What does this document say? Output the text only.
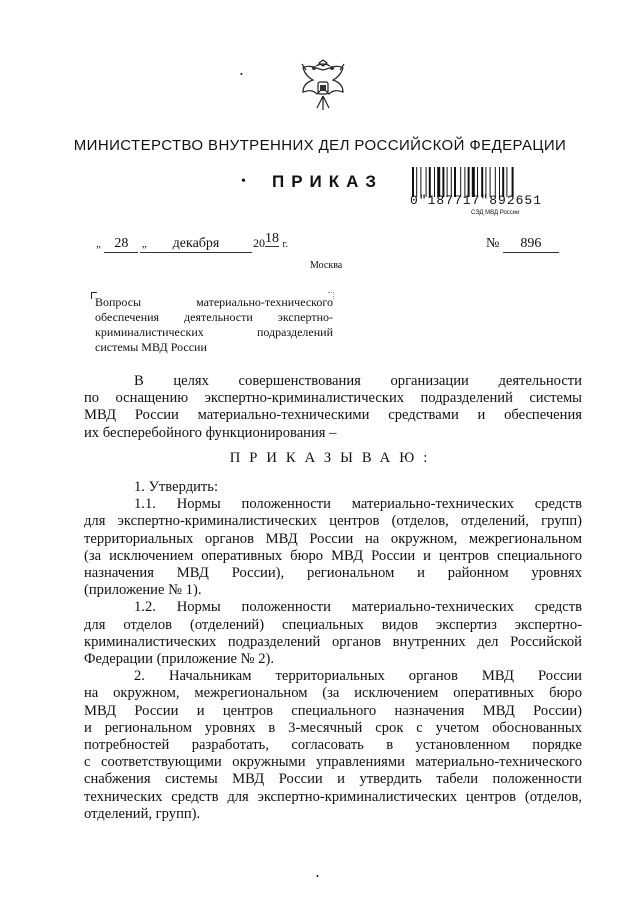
•
МИНИСТЕРСТВО ВНУТРЕННИХ ДЕЛ РОССИЙСКОЙ ФЕДЕРАЦИИ
• ПРИКАЗ
0"187717"892651
СЭД МВД России
„ 28 „	декабря	2018 г.	№ 896
Москва
Вопросы материально-технического
обеспечения деятельности экспертно-
криминалистических подразделений
системы МВД России
В целях совершенствования организации деятельности
по оснащению экспертно-криминалистических подразделений системы
МВД России материально-техническими средствами и обеспечения
их бесперебойного функционирования –
ПРИКАЗЫВАЮ:
1. Утвердить:
1.1. Нормы положенности материально-технических средств
для экспертно-криминалистических центров (отделов, отделений, групп)
территориальных органов МВД России на окружном, межрегиональном
(за исключением оперативных бюро МВД России и центров специального
назначения МВД России), региональном и районном уровнях
(приложение № 1).
1.2. Нормы положенности материально-технических средств
для отделов (отделений) специальных видов экспертиз экспертно-
криминалистических подразделений органов внутренних дел Российской
Федерации (приложение № 2).
2. Начальникам территориальных органов МВД России
на окружном, межрегиональном (за исключением оперативных бюро
МВД России и центров специального назначения МВД России)
и региональном уровнях в 3-месячный срок с учетом обоснованных
потребностей разработать, согласовать в установленном порядке
с соответствующими окружными управлениями материально-технического
снабжения системы МВД России и утвердить табели положенности
технических средств для экспертно-криминалистических центров (отделов,
отделений, групп).
•
